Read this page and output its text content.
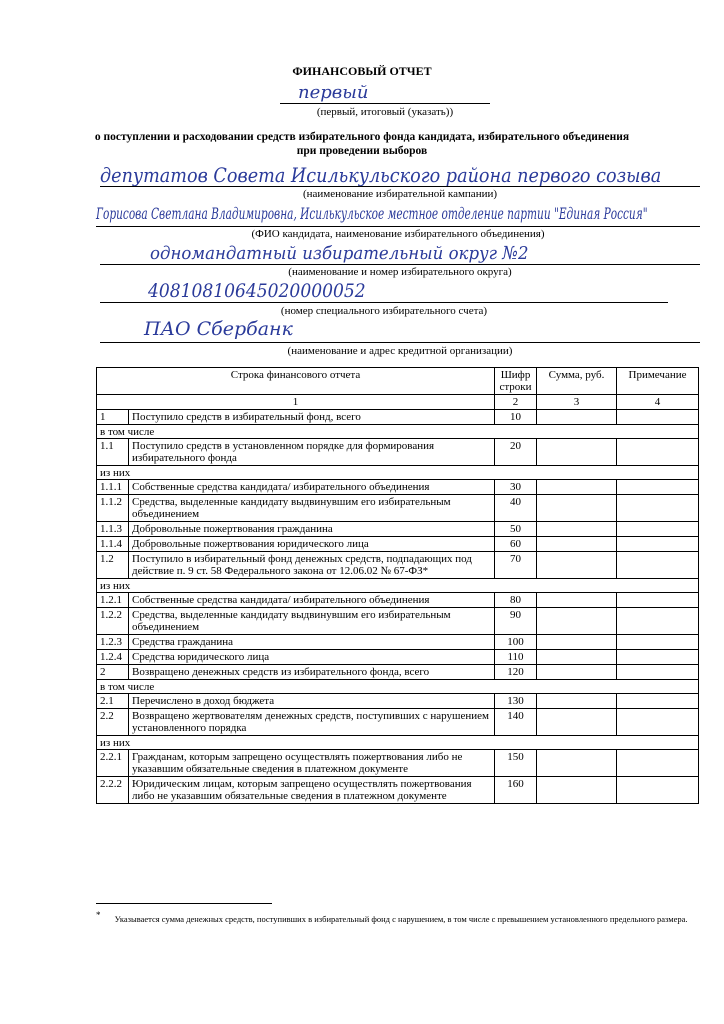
ФИНАНСОВЫЙ ОТЧЕТ
первый
(первый, итоговый (указать))
о поступлении и расходовании средств избирательного фонда кандидата, избирательного объединения
при проведении выборов
депутатов Совета Исилькульского района первого созыва
(наименование избирательной кампании)
Горисова Светлана Владимировна, Исилькульское местное отделение партии "Единая Россия"
(ФИО кандидата, наименование избирательного объединения)
одномандатный избирательный округ №2
(наименование и номер избирательного округа)
40810810645020000052
(номер специального избирательного счета)
ПАО Сбербанк
(наименование и адрес кредитной организации)
Строка финансового отчета		Шифр строки	Сумма, руб.	Примечание
1		2	3	4
1	Поступило средств в избирательный фонд, всего	10		
в том числе				
1.1	Поступило средств в установленном порядке для формирования избирательного фонда	20		
из них				
1.1.1	Собственные средства кандидата/ избирательного объединения	30		
1.1.2	Средства, выделенные кандидату выдвинувшим его избирательным объединением	40		
1.1.3	Добровольные пожертвования гражданина	50		
1.1.4	Добровольные пожертвования юридического лица	60		
1.2	Поступило в избирательный фонд денежных средств, подпадающих под действие п. 9 ст. 58 Федерального закона от 12.06.02 № 67-ФЗ*	70		
из них				
1.2.1	Собственные средства кандидата/ избирательного объединения	80		
1.2.2	Средства, выделенные кандидату выдвинувшим его избирательным объединением	90		
1.2.3	Средства гражданина	100		
1.2.4	Средства юридического лица	110		
2	Возвращено денежных средств из избирательного фонда, всего	120		
в том числе				
2.1	Перечислено в доход бюджета	130		
2.2	Возвращено жертвователям денежных средств, поступивших с нарушением установленного порядка	140		
из них				
2.2.1	Гражданам, которым запрещено осуществлять пожертвования либо не указавшим обязательные сведения в платежном документе	150		
2.2.2	Юридическим лицам, которым запрещено осуществлять пожертвования либо не указавшим обязательные сведения в платежном документе	160		
* Указывается сумма денежных средств, поступивших в избирательный фонд с нарушением, в том числе с превышением установленного предельного размера.
